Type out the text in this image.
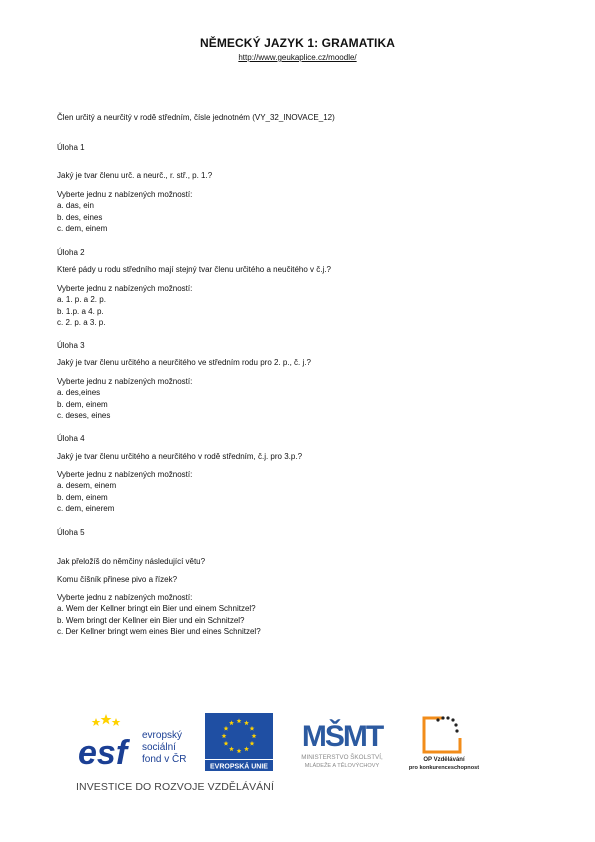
NĚMECKÝ JAZYK 1: GRAMATIKA
http://www.geukaplice.cz/moodle/
Člen určitý a neurčitý v rodě středním, čísle jednotném (VY_32_INOVACE_12)
Úloha 1
Jaký je tvar členu urč. a neurč., r. stř., p. 1.?
Vyberte jednu z nabízených možností:
a. das, ein
b. des, eines
c. dem, einem
Úloha 2
Které pády u rodu středního mají stejný tvar členu určitého a neučitého v č.j.?
Vyberte jednu z nabízených možností:
a. 1. p. a 2. p.
b. 1.p. a 4. p.
c. 2. p. a 3. p.
Úloha 3
Jaký je tvar členu určitého a neurčitého ve středním rodu pro 2. p., č. j.?
Vyberte jednu z nabízených možností:
a. des,eines
b. dem, einem
c. deses, eines
Úloha 4
Jaký je tvar členu určitého a neurčitého v rodě středním, č.j. pro 3.p.?
Vyberte jednu z nabízených možností:
a. desem, einem
b. dem, einem
c. dem, einerem
Úloha 5
Jak přeložíš do němčiny následující větu?
Komu číšník přinese pivo a řízek?
Vyberte jednu z nabízených možností:
a. Wem der Kellner bringt ein Bier und einem Schnitzel?
b. Wem bringt der Kellner ein Bier und ein Schnitzel?
c. Der Kellner bringt wem eines Bier und eines Schnitzel?
esf	evropský
sociální
fond v ČR
EVROPSKÁ UNIE
MŠMT
MINISTERSTVO ŠKOLSTVÍ,
MLÁDEŽE A TĚLOVÝCHOVY
OP Vzdělávání
pro konkurenceschopnost
INVESTICE DO ROZVOJE VZDĚLÁVÁNÍ
